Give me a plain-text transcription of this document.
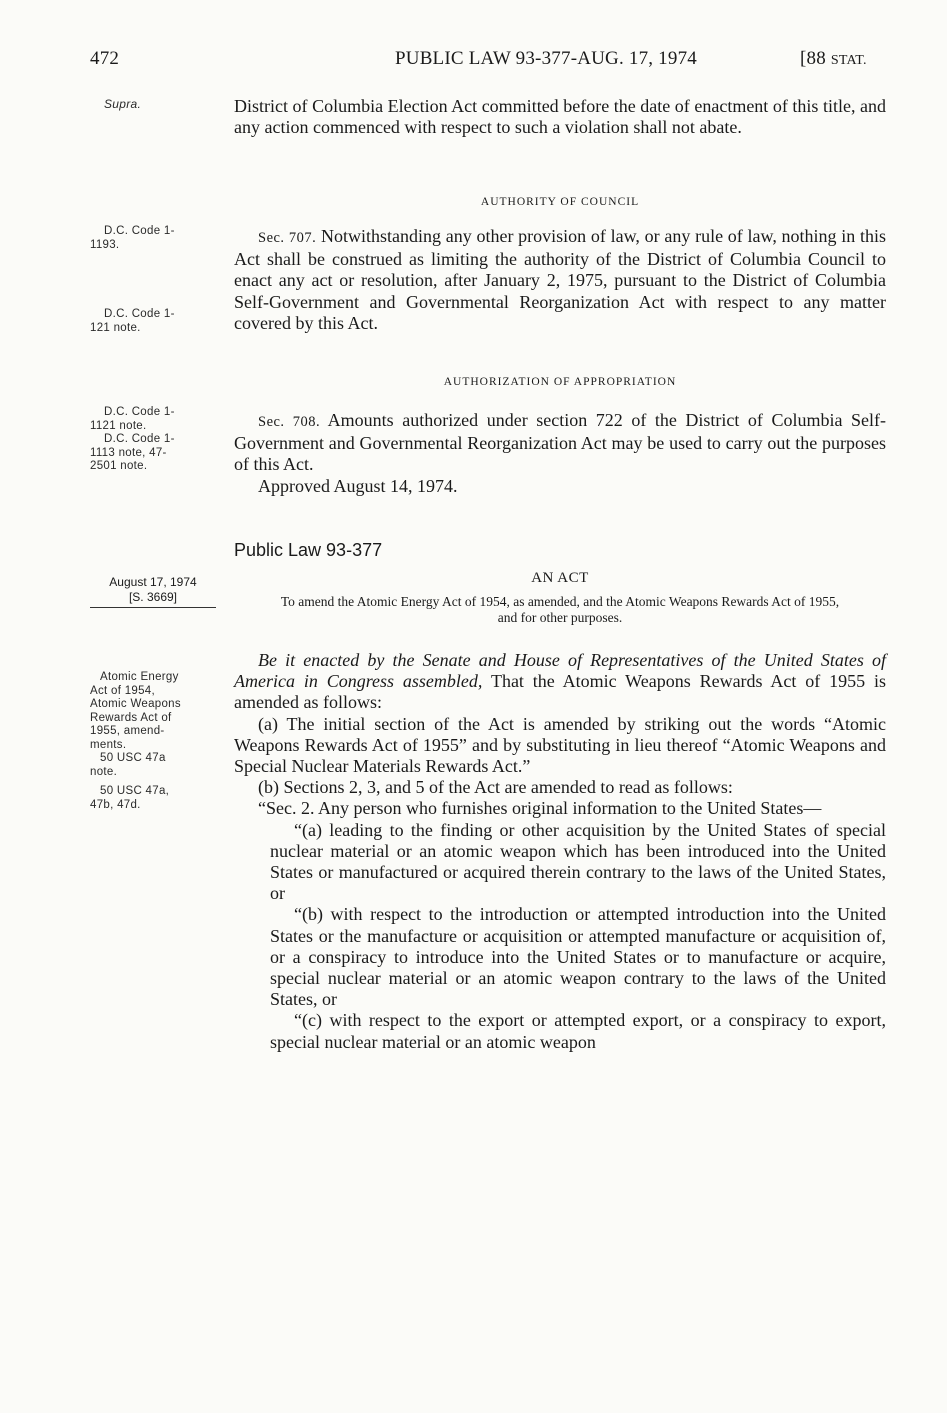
472	PUBLIC LAW 93-377-AUG. 17, 1974	[88 STAT.
Supra.
D.C. Code 1-
1193.
D.C. Code 1-
121 note.
D.C. Code 1-
1121 note.
D.C. Code 1-
1113 note, 47-
2501 note.
August 17, 1974
[S. 3669]
Atomic Energy
Act of 1954,
Atomic Weapons
Rewards Act of
1955, amend-
ments.
50 USC 47a
note.
50 USC 47a,
47b, 47d.

District of Columbia Election Act committed before the date of enactment of this title, and any action commenced with respect to such a violation shall not abate.

AUTHORITY OF COUNCIL

Sec. 707. Notwithstanding any other provision of law, or any rule of law, nothing in this Act shall be construed as limiting the authority of the District of Columbia Council to enact any act or resolution, after January 2, 1975, pursuant to the District of Columbia Self-Government and Governmental Reorganization Act with respect to any matter covered by this Act.

AUTHORIZATION OF APPROPRIATION

Sec. 708. Amounts authorized under section 722 of the District of Columbia Self-Government and Governmental Reorganization Act may be used to carry out the purposes of this Act.

Approved August 14, 1974.

Public Law 93-377
AN ACT
To amend the Atomic Energy Act of 1954, as amended, and the Atomic Weapons Rewards Act of 1955, and for other purposes.

Be it enacted by the Senate and House of Representatives of the United States of America in Congress assembled, That the Atomic Weapons Rewards Act of 1955 is amended as follows:

(a) The initial section of the Act is amended by striking out the words “Atomic Weapons Rewards Act of 1955” and by substituting in lieu thereof “Atomic Weapons and Special Nuclear Materials Rewards Act.”

(b) Sections 2, 3, and 5 of the Act are amended to read as follows:

“Sec. 2. Any person who furnishes original information to the United States—

“(a) leading to the finding or other acquisition by the United States of special nuclear material or an atomic weapon which has been introduced into the United States or manufactured or acquired therein contrary to the laws of the United States, or

“(b) with respect to the introduction or attempted introduction into the United States or the manufacture or acquisition or attempted manufacture or acquisition of, or a conspiracy to introduce into the United States or to manufacture or acquire, special nuclear material or an atomic weapon contrary to the laws of the United States, or

“(c) with respect to the export or attempted export, or a conspiracy to export, special nuclear material or an atomic weapon
